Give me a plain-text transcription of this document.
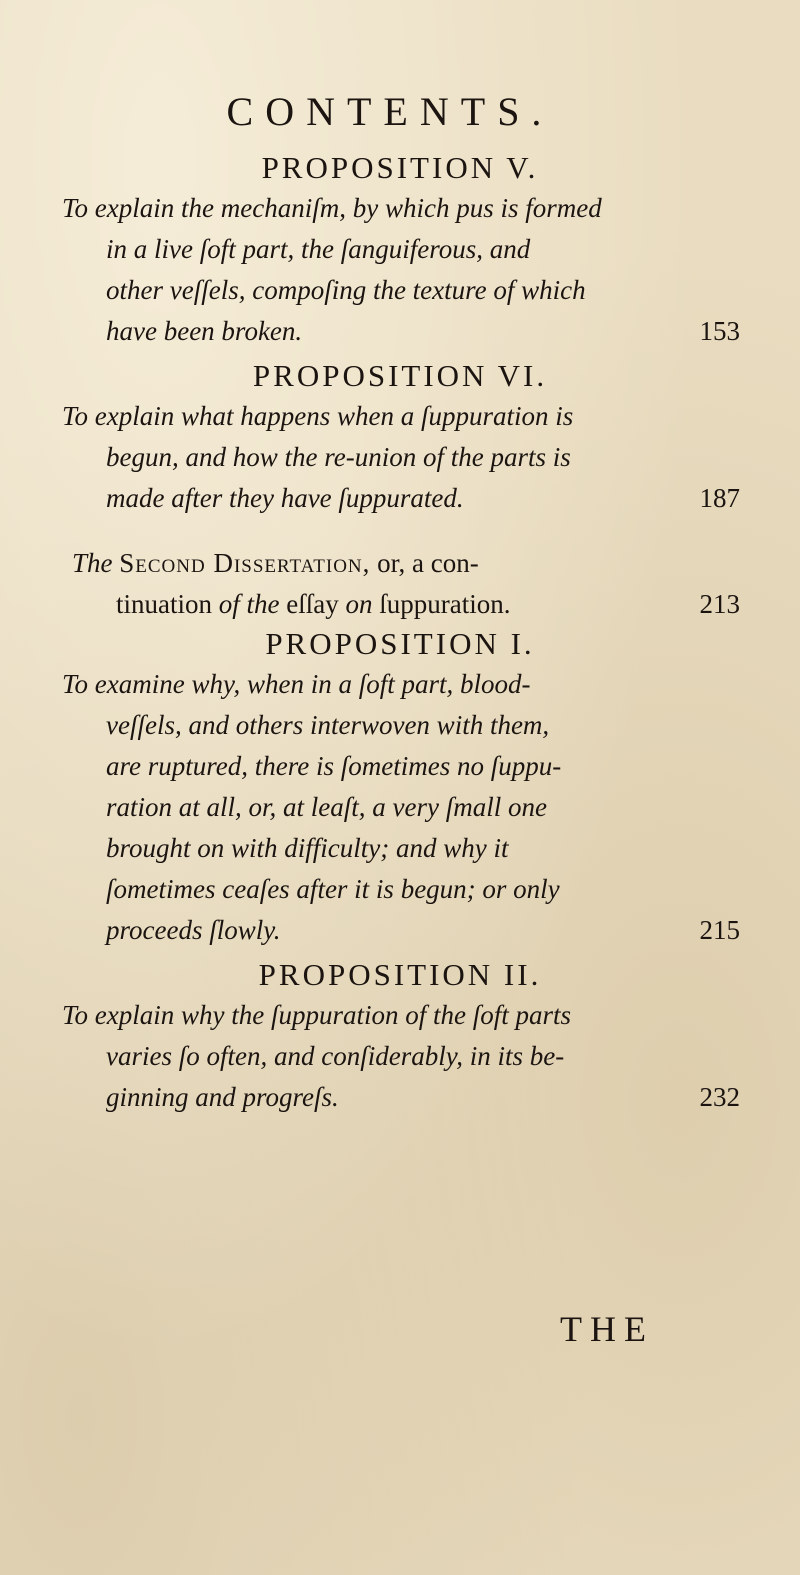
CONTENTS.

PROPOSITION V.

To explain the mechaniſm, by which pus is formed
in a live ſoft part, the ſanguiferous, and
other veſſels, compoſing the texture of which
have been broken.	153

PROPOSITION VI.

To explain what happens when a ſuppuration is
begun, and how the re-union of the parts is
made after they have ſuppurated.	187

The Second Dissertation, or, a con-
tinuation of the eſſay on ſuppuration.	213

PROPOSITION I.

To examine why, when in a ſoft part, blood-
veſſels, and others interwoven with them,
are ruptured, there is ſometimes no ſuppu-
ration at all, or, at leaſt, a very ſmall one
brought on with difficulty; and why it
ſometimes ceaſes after it is begun; or only
proceeds ſlowly.	215

PROPOSITION II.

To explain why the ſuppuration of the ſoft parts
varies ſo often, and conſiderably, in its be-
ginning and progreſs.	232

THE
